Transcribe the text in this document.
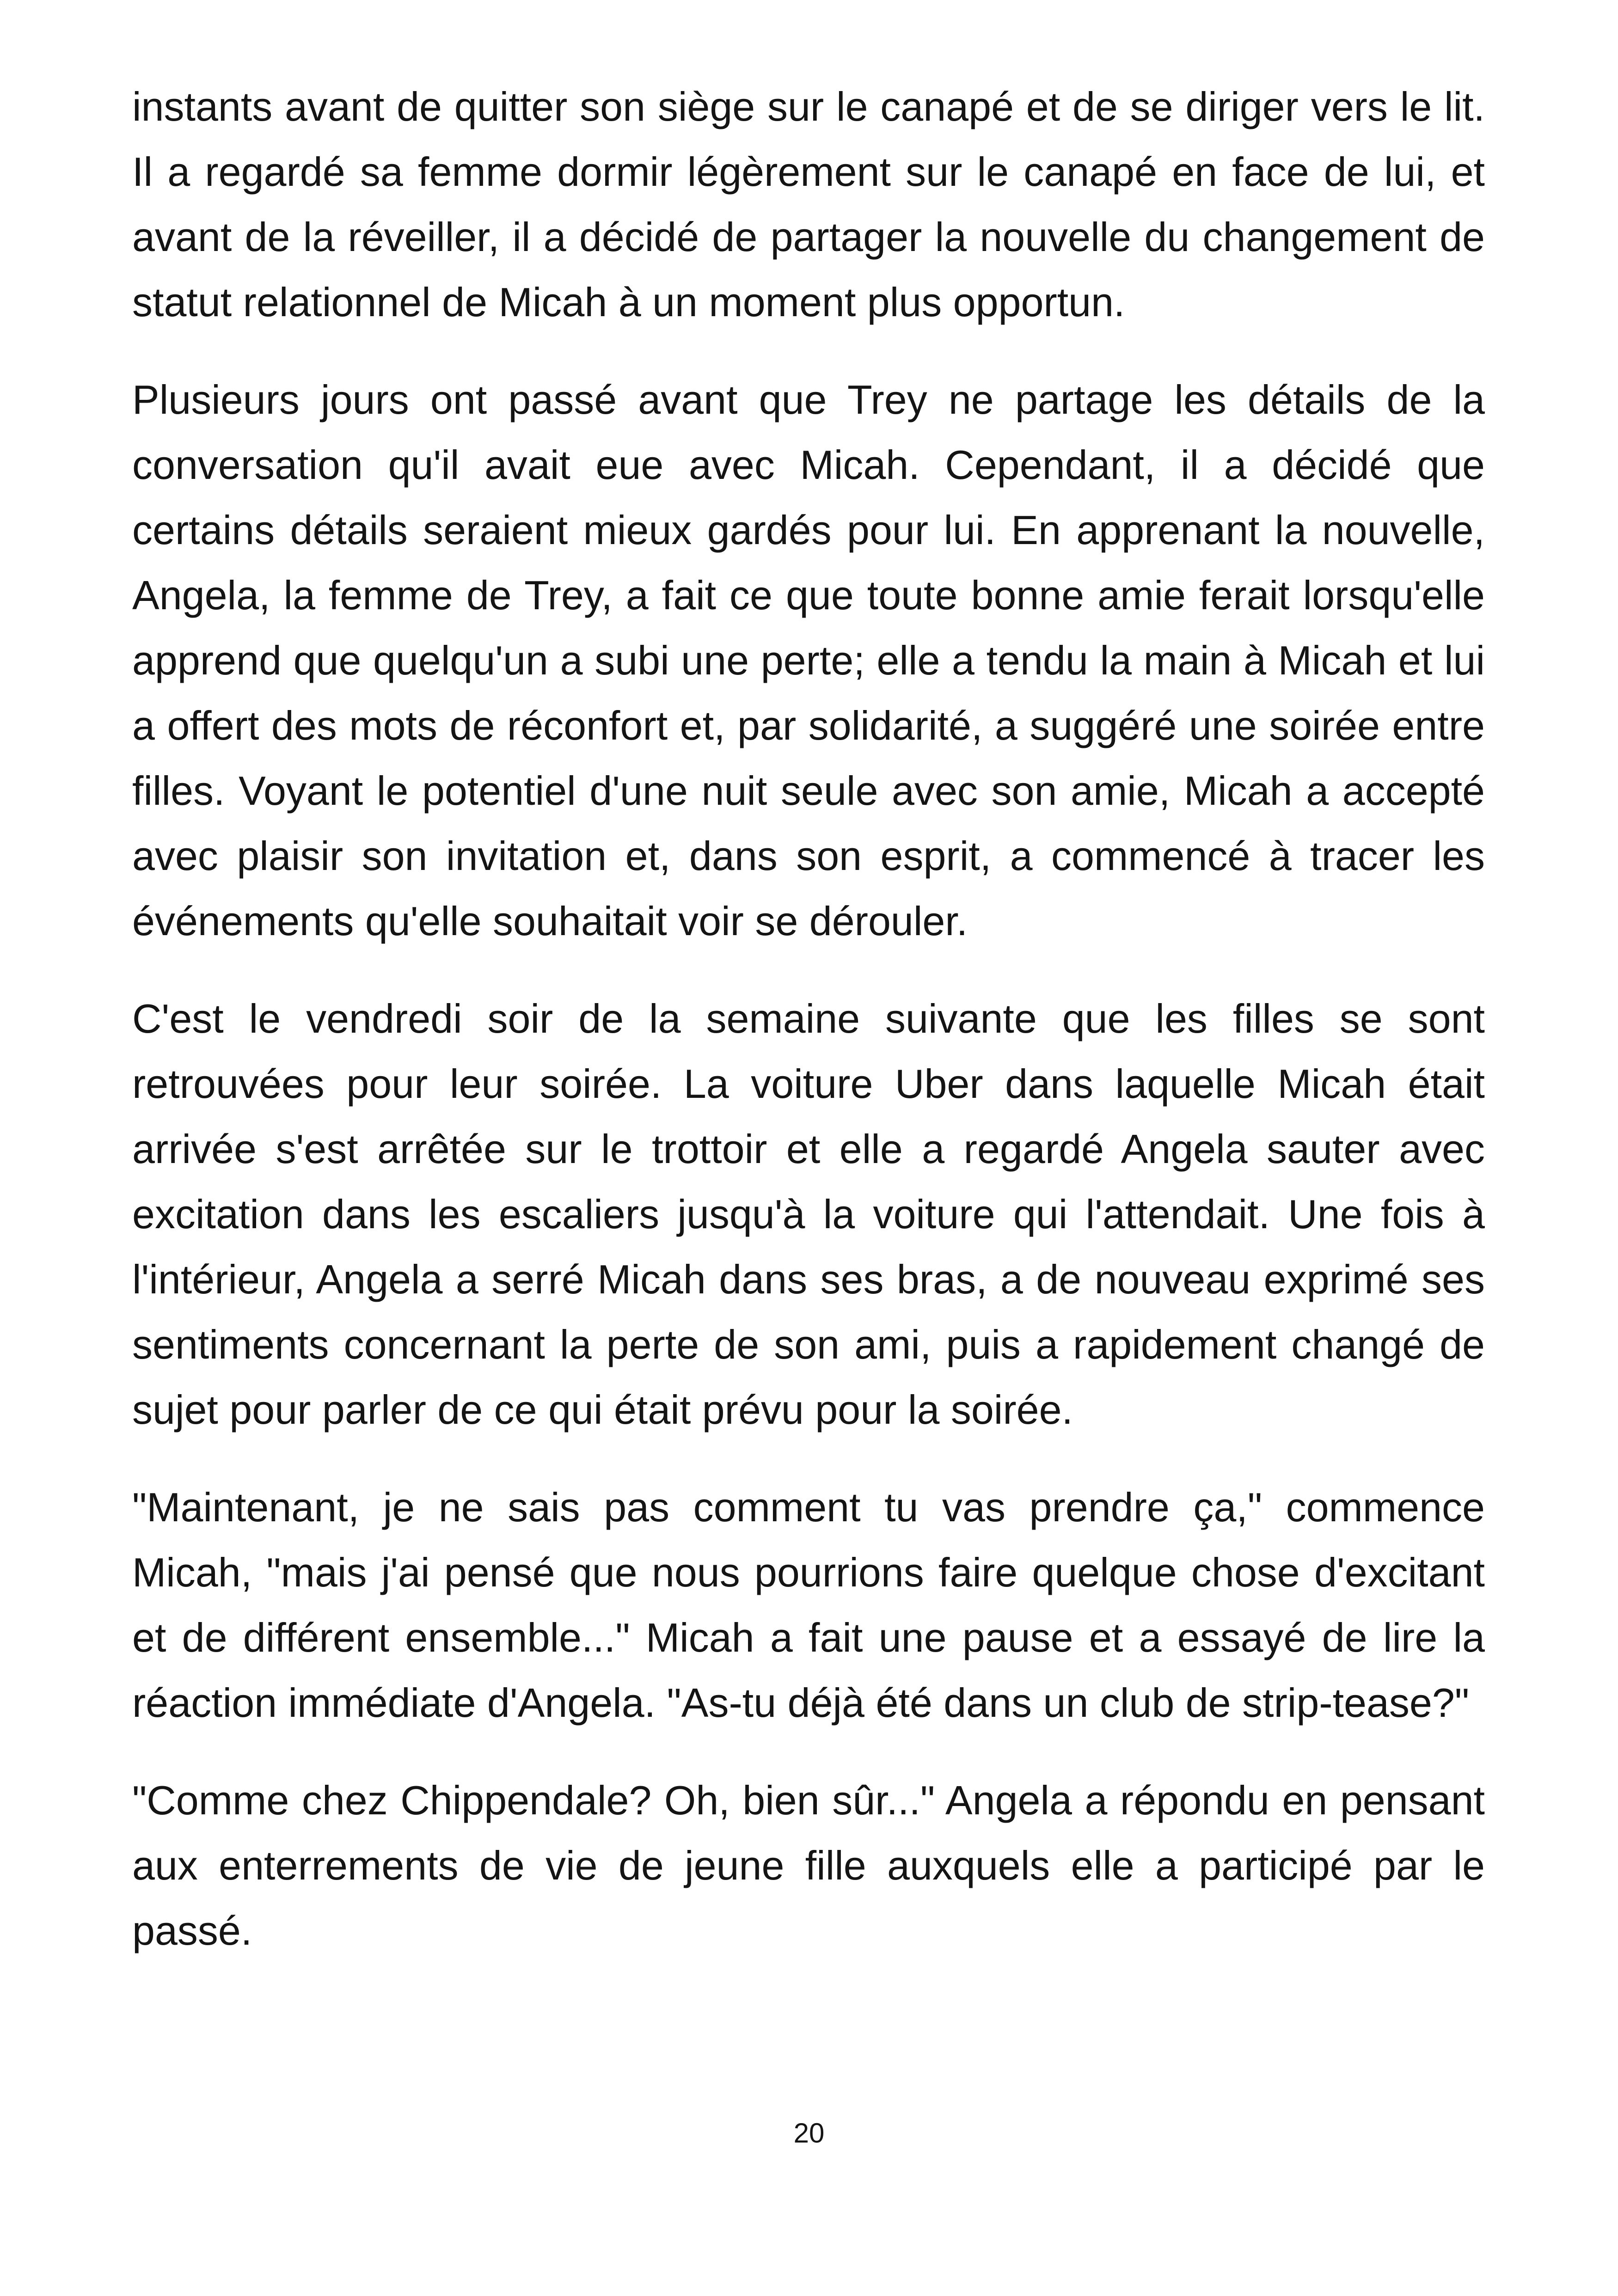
instants avant de quitter son siège sur le canapé et de se diriger vers le lit. Il a regardé sa femme dormir légèrement sur le canapé en face de lui, et avant de la réveiller, il a décidé de partager la nouvelle du changement de statut relationnel de Micah à un moment plus opportun.

Plusieurs jours ont passé avant que Trey ne partage les détails de la conversation qu'il avait eue avec Micah. Cependant, il a décidé que certains détails seraient mieux gardés pour lui. En apprenant la nouvelle, Angela, la femme de Trey, a fait ce que toute bonne amie ferait lorsqu'elle apprend que quelqu'un a subi une perte; elle a tendu la main à Micah et lui a offert des mots de réconfort et, par solidarité, a suggéré une soirée entre filles. Voyant le potentiel d'une nuit seule avec son amie, Micah a accepté avec plaisir son invitation et, dans son esprit, a commencé à tracer les événements qu'elle souhaitait voir se dérouler.

C'est le vendredi soir de la semaine suivante que les filles se sont retrouvées pour leur soirée. La voiture Uber dans laquelle Micah était arrivée s'est arrêtée sur le trottoir et elle a regardé Angela sauter avec excitation dans les escaliers jusqu'à la voiture qui l'attendait. Une fois à l'intérieur, Angela a serré Micah dans ses bras, a de nouveau exprimé ses sentiments concernant la perte de son ami, puis a rapidement changé de sujet pour parler de ce qui était prévu pour la soirée.

"Maintenant, je ne sais pas comment tu vas prendre ça," commence Micah, "mais j'ai pensé que nous pourrions faire quelque chose d'excitant et de différent ensemble..." Micah a fait une pause et a essayé de lire la réaction immédiate d'Angela. "As-tu déjà été dans un club de strip-tease?"

"Comme chez Chippendale? Oh, bien sûr..." Angela a répondu en pensant aux enterrements de vie de jeune fille auxquels elle a participé par le passé.

20
